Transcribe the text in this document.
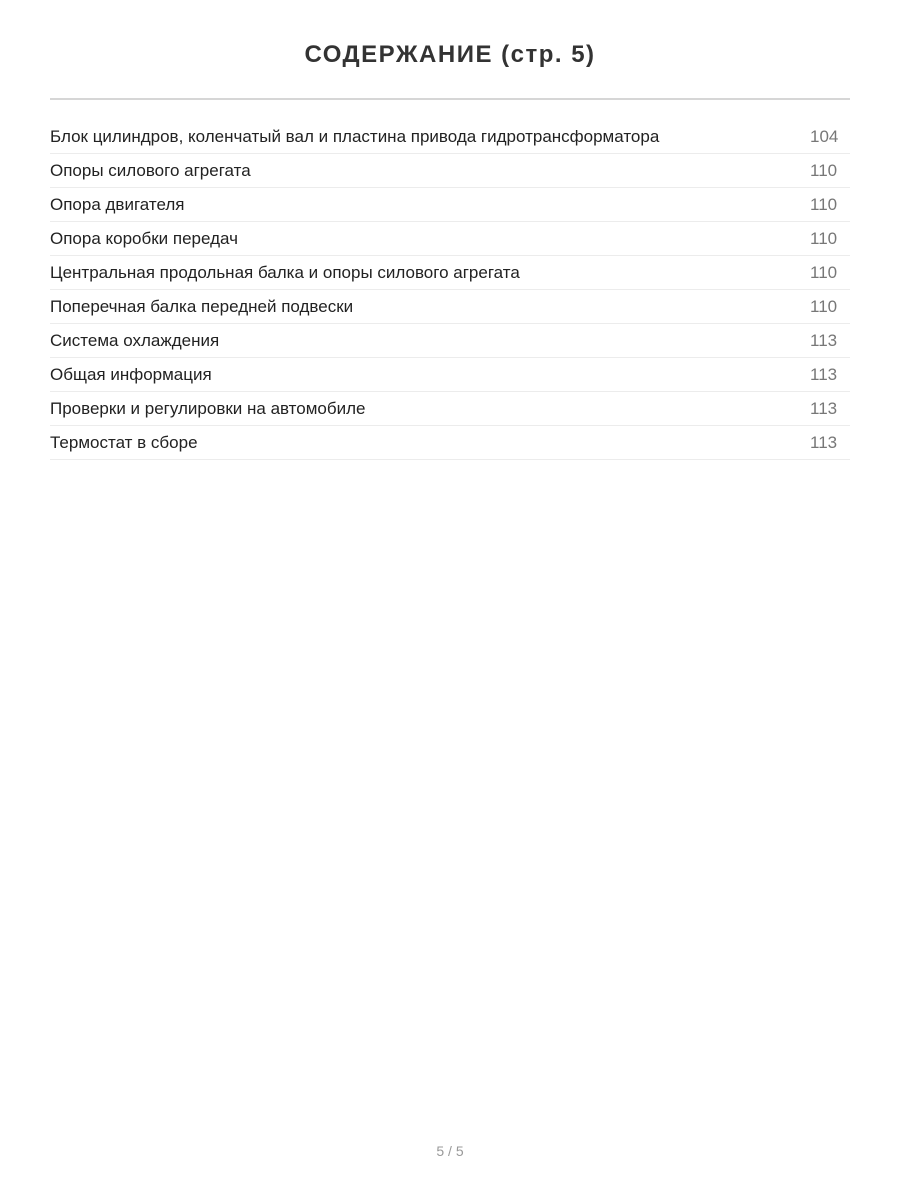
СОДЕРЖАНИЕ (стр. 5)
Блок цилиндров, коленчатый вал и пластина привода гидротрансформатора	104
Опоры силового агрегата	110
Опора двигателя	110
Опора коробки передач	110
Центральная продольная балка и опоры силового агрегата	110
Поперечная балка передней подвески	110
Система охлаждения	113
Общая информация	113
Проверки и регулировки на автомобиле	113
Термостат в сборе	113
5 / 5
